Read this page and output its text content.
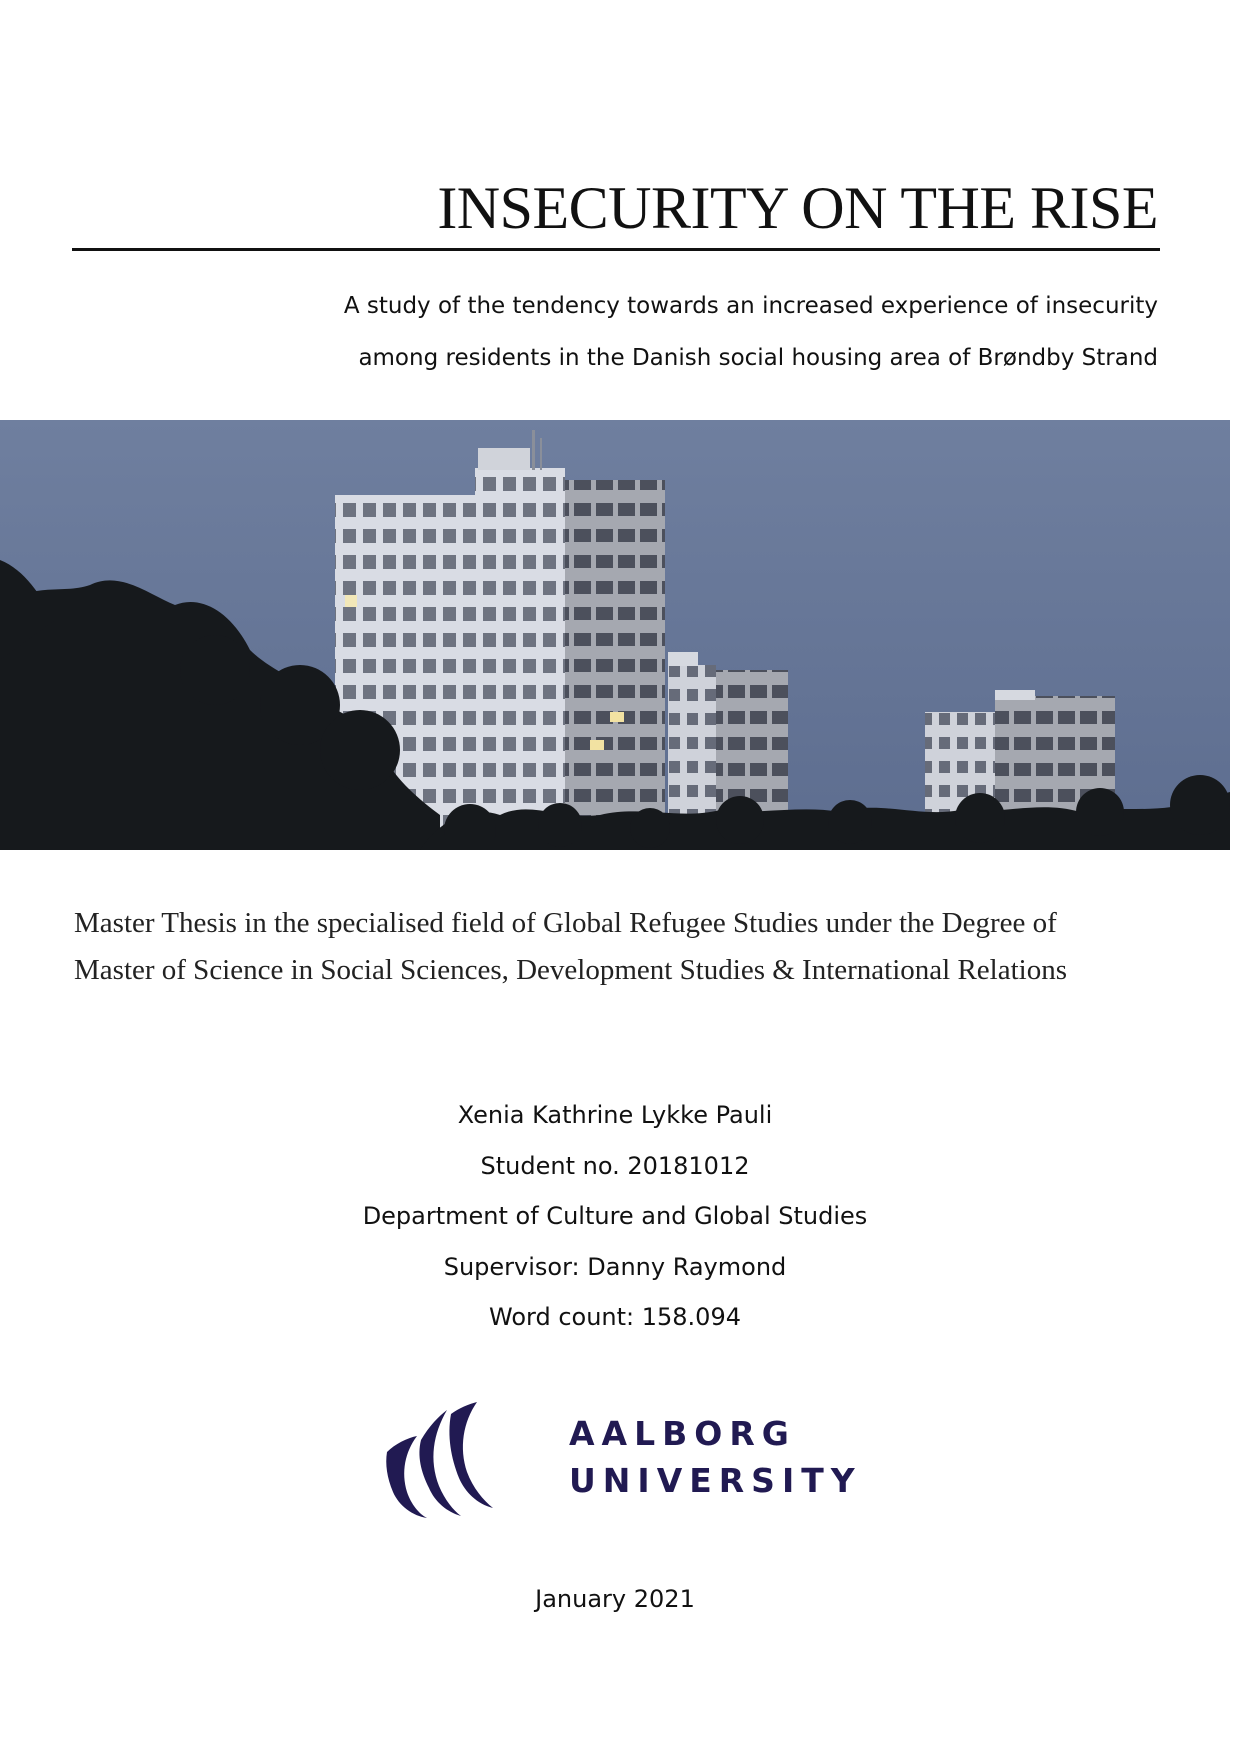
INSECURITY ON THE RISE
A study of the tendency towards an increased experience of insecurity
among residents in the Danish social housing area of Brøndby Strand
Master Thesis in the specialised field of Global Refugee Studies under the Degree of
Master of Science in Social Sciences, Development Studies & International Relations
Xenia Kathrine Lykke Pauli
Student no. 20181012
Department of Culture and Global Studies
Supervisor: Danny Raymond
Word count: 158.094
AALBORG
UNIVERSITY
January 2021
